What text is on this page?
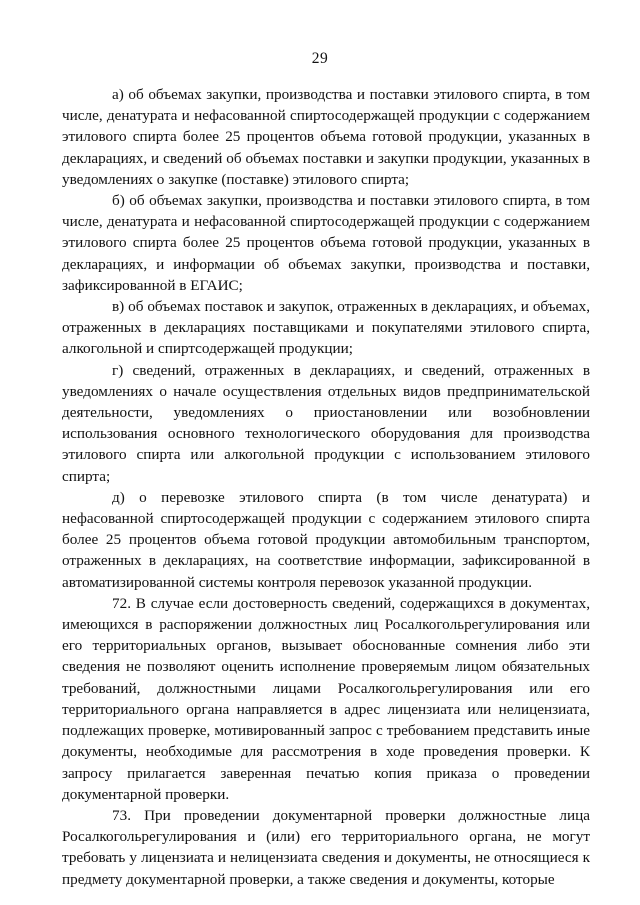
29

а) об объемах закупки, производства и поставки этилового спирта, в том числе, денатурата и нефасованной спиртосодержащей продукции с содержанием этилового спирта более 25 процентов объема готовой продукции, указанных в декларациях, и сведений об объемах поставки и закупки продукции, указанных в уведомлениях о закупке (поставке) этилового спирта;

б) об объемах закупки, производства и поставки этилового спирта, в том числе, денатурата и нефасованной спиртосодержащей продукции с содержанием этилового спирта более 25 процентов объема готовой продукции, указанных в декларациях, и информации об объемах закупки, производства и поставки, зафиксированной в ЕГАИС;

в) об объемах поставок и закупок, отраженных в декларациях, и объемах, отраженных в декларациях поставщиками и покупателями этилового спирта, алкогольной и спиртсодержащей продукции;

г) сведений, отраженных в декларациях, и сведений, отраженных в уведомлениях о начале осуществления отдельных видов предпринимательской деятельности, уведомлениях о приостановлении или возобновлении использования основного технологического оборудования для производства этилового спирта или алкогольной продукции с использованием этилового спирта;

д) о перевозке этилового спирта (в том числе денатурата) и нефасованной спиртосодержащей продукции с содержанием этилового спирта более 25 процентов объема готовой продукции автомобильным транспортом, отраженных в декларациях, на соответствие информации, зафиксированной в автоматизированной системы контроля перевозок указанной продукции.

72. В случае если достоверность сведений, содержащихся в документах, имеющихся в распоряжении должностных лиц Росалкогольрегулирования или его территориальных органов, вызывает обоснованные сомнения либо эти сведения не позволяют оценить исполнение проверяемым лицом обязательных требований, должностными лицами Росалкогольрегулирования или его территориального органа направляется в адрес лицензиата или нелицензиата, подлежащих проверке, мотивированный запрос с требованием представить иные документы, необходимые для рассмотрения в ходе проведения проверки. К запросу прилагается заверенная печатью копия приказа о проведении документарной проверки.

73. При проведении документарной проверки должностные лица Росалкогольрегулирования и (или) его территориального органа, не могут требовать у лицензиата и нелицензиата сведения и документы, не относящиеся к предмету документарной проверки, а также сведения и документы, которые
